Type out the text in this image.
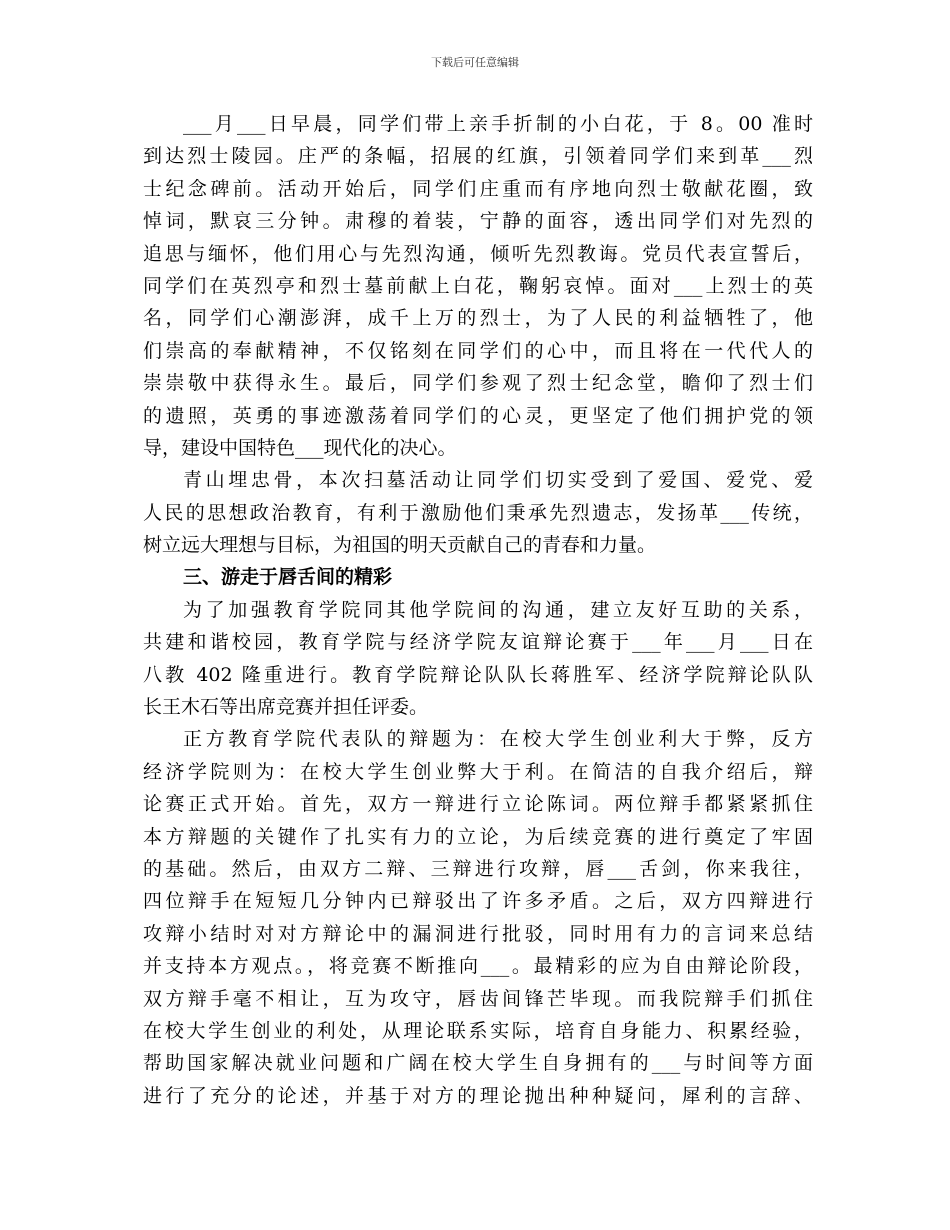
下载后可任意编辑
___月___日早晨，同学们带上亲手折制的小白花，于 8。00 准时
到达烈士陵园。庄严的条幅，招展的红旗，引领着同学们来到革___烈
士纪念碑前。活动开始后，同学们庄重而有序地向烈士敬献花圈，致
悼词，默哀三分钟。肃穆的着装，宁静的面容，透出同学们对先烈的
追思与缅怀，他们用心与先烈沟通，倾听先烈教诲。党员代表宣誓后，
同学们在英烈亭和烈士墓前献上白花，鞠躬哀悼。面对___上烈士的英
名，同学们心潮澎湃，成千上万的烈士，为了人民的利益牺牲了，他
们崇高的奉献精神，不仅铭刻在同学们的心中，而且将在一代代人的
崇崇敬中获得永生。最后，同学们参观了烈士纪念堂，瞻仰了烈士们
的遗照，英勇的事迹激荡着同学们的心灵，更坚定了他们拥护党的领
导，建设中国特色___现代化的决心。
青山埋忠骨，本次扫墓活动让同学们切实受到了爱国、爱党、爱
人民的思想政治教育，有利于激励他们秉承先烈遗志，发扬革___传统，
树立远大理想与目标，为祖国的明天贡献自己的青春和力量。
三、游走于唇舌间的精彩
为了加强教育学院同其他学院间的沟通，建立友好互助的关系，
共建和谐校园，教育学院与经济学院友谊辩论赛于___年___月___日在
八教 402 隆重进行。教育学院辩论队队长蒋胜军、经济学院辩论队队
长王木石等出席竞赛并担任评委。
正方教育学院代表队的辩题为：在校大学生创业利大于弊，反方
经济学院则为：在校大学生创业弊大于利。在简洁的自我介绍后，辩
论赛正式开始。首先，双方一辩进行立论陈词。两位辩手都紧紧抓住
本方辩题的关键作了扎实有力的立论，为后续竞赛的进行奠定了牢固
的基础。然后，由双方二辩、三辩进行攻辩，唇___舌剑，你来我往，
四位辩手在短短几分钟内已辩驳出了许多矛盾。之后，双方四辩进行
攻辩小结时对对方辩论中的漏洞进行批驳，同时用有力的言词来总结
并支持本方观点。，将竞赛不断推向___。最精彩的应为自由辩论阶段，
双方辩手毫不相让，互为攻守，唇齿间锋芒毕现。而我院辩手们抓住
在校大学生创业的利处，从理论联系实际，培育自身能力、积累经验，
帮助国家解决就业问题和广阔在校大学生自身拥有的___与时间等方面
进行了充分的论述，并基于对方的理论抛出种种疑问，犀利的言辞、
